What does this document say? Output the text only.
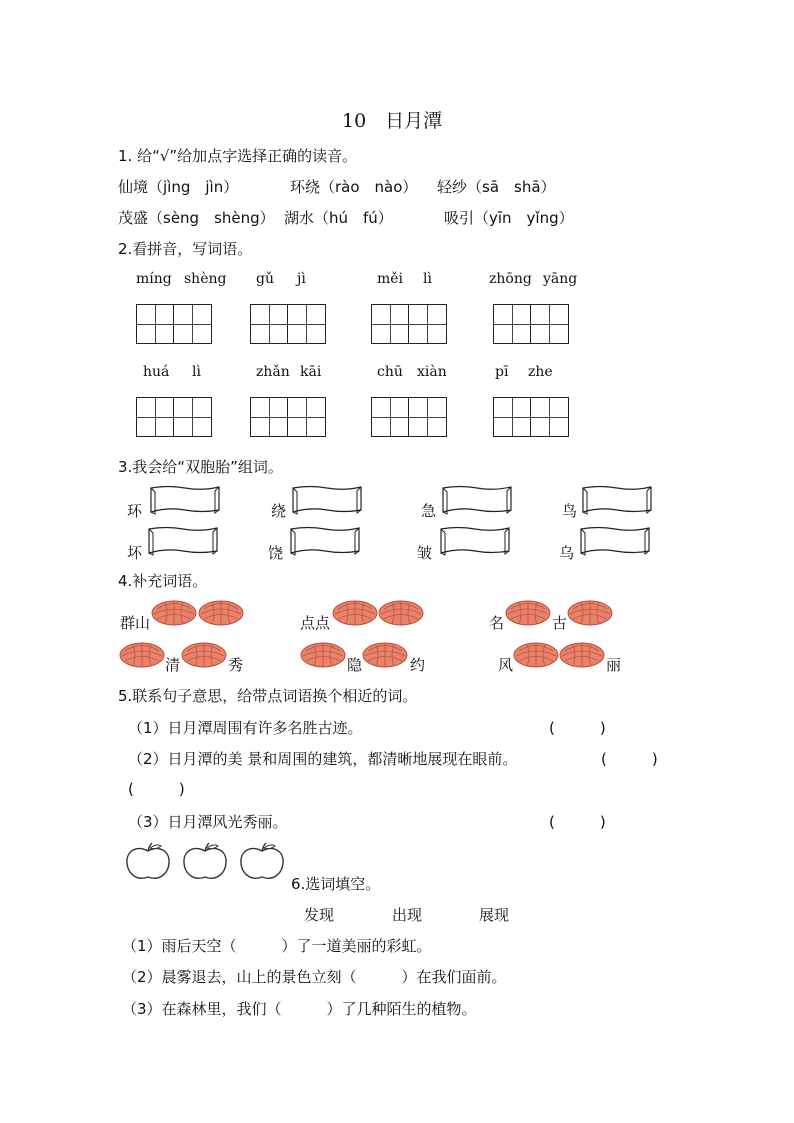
10　日月潭
1. 给“√”给加点字选择正确的读音。
仙境（jìng　jìn）	环绕（rào　nào） 轻纱（sā　shā）
茂盛（sèng　shèng） 湖水（hú　fú）	吸引（yīn　yǐng）
2.看拼音，写词语。
míng shèng gǔ jì	měi lì	zhōng yāng
huá lì	zhǎn kāi	chū xiàn	pī zhe
3.我会给“双胞胎”组词。
环	绕	急	鸟
坏	饶	皱	乌
4.补充词语。
群山	点点	名	古
清	秀	隐	约	风	丽
5.联系句子意思，给带点词语换个相近的词。
（1）日月潭周围有许多名胜古迹。	(　　　)
（2）日月潭的美 景和周围的建筑，都清晰地展现在眼前。	(　　　)
(　　　)
（3）日月潭风光秀丽。	(　　　)
6.选词填空。
发现	出现	展现
（1）雨后天空（　　　）了一道美丽的彩虹。
（2）晨雾退去，山上的景色立刻（　　　）在我们面前。
（3）在森林里，我们（　　　）了几种陌生的植物。
